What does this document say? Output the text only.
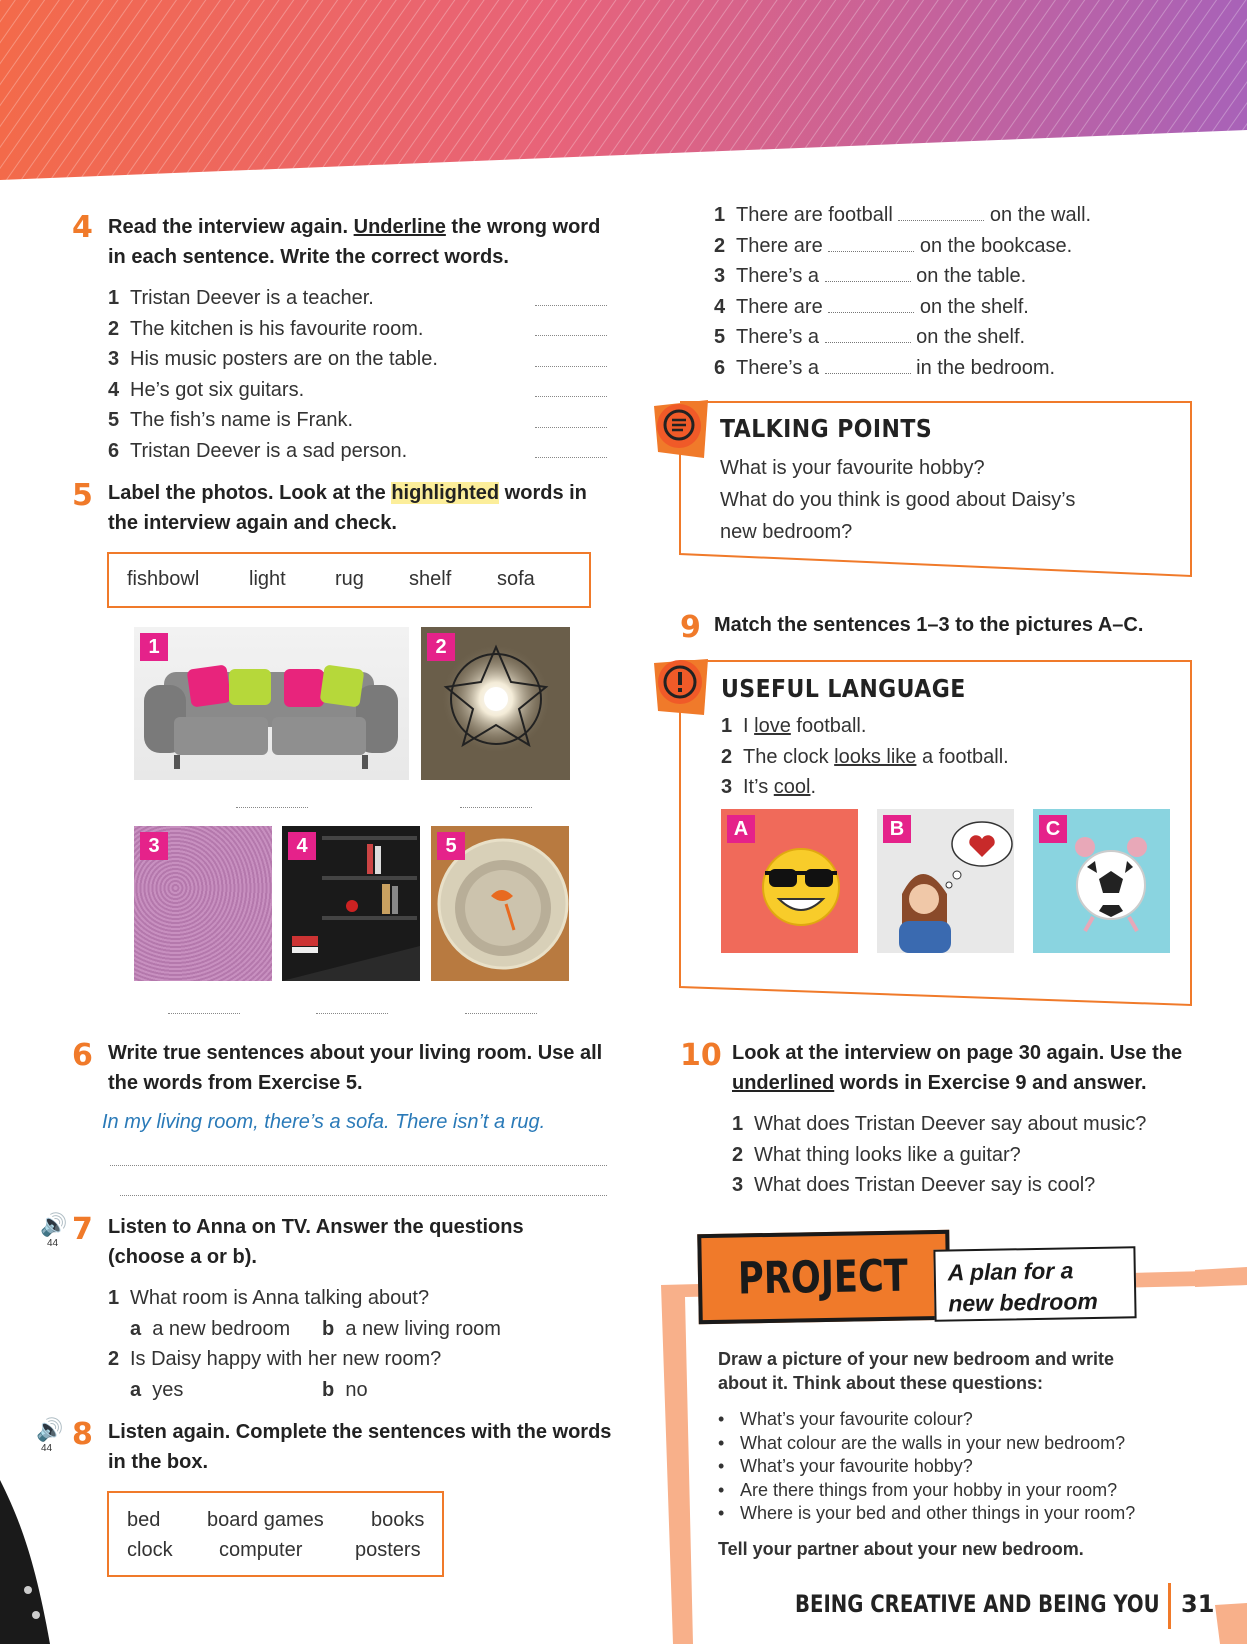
4 Read the interview again. Underline the wrong word
in each sentence. Write the correct words.
1 Tristan Deever is a teacher.
2 The kitchen is his favourite room.
3 His music posters are on the table.
4 He’s got six guitars.
5 The fish’s name is Frank.
6 Tristan Deever is a sad person.
5 Label the photos. Look at the highlighted words in
the interview again and check.
fishbowl light rug shelf sofa
1	2
3	4	5
6 Write true sentences about your living room. Use all
the words from Exercise 5.
In my living room, there’s a sofa. There isn’t a rug.
🔊
44 7 Listen to Anna on TV. Answer the questions
(choose a or b).
1 What room is Anna talking about?
a a new bedroom b a new living room
2 Is Daisy happy with her new room?
a yes	b no
🔊
44 8 Listen again. Complete the sentences with the words
in the box.
bed board games books
clock computer	posters
1 There are football	on the wall.
2 There are	on the bookcase.
3 There’s a	on the table.
4 There are	on the shelf.
5 There’s a	on the shelf.
6 There’s a	in the bedroom.
TALKING POINTS
What is your favourite hobby?
What do you think is good about Daisy’s
new bedroom?
9 Match the sentences 1–3 to the pictures A–C.
USEFUL LANGUAGE
1 I love football.
2 The clock looks like a football.
3 It’s cool.
A	B	C
10 Look at the interview on page 30 again. Use the
underlined words in Exercise 9 and answer.
1 What does Tristan Deever say about music?
2 What thing looks like a guitar?
3 What does Tristan Deever say is cool?
PROJECT A plan for a
new bedroom
Draw a picture of your new bedroom and write
about it. Think about these questions:
• What’s your favourite colour?
• What colour are the walls in your new bedroom?
• What’s your favourite hobby?
• Are there things from your hobby in your room?
• Where is your bed and other things in your room?
Tell your partner about your new bedroom.
BEING CREATIVE AND BEING YOU 31
